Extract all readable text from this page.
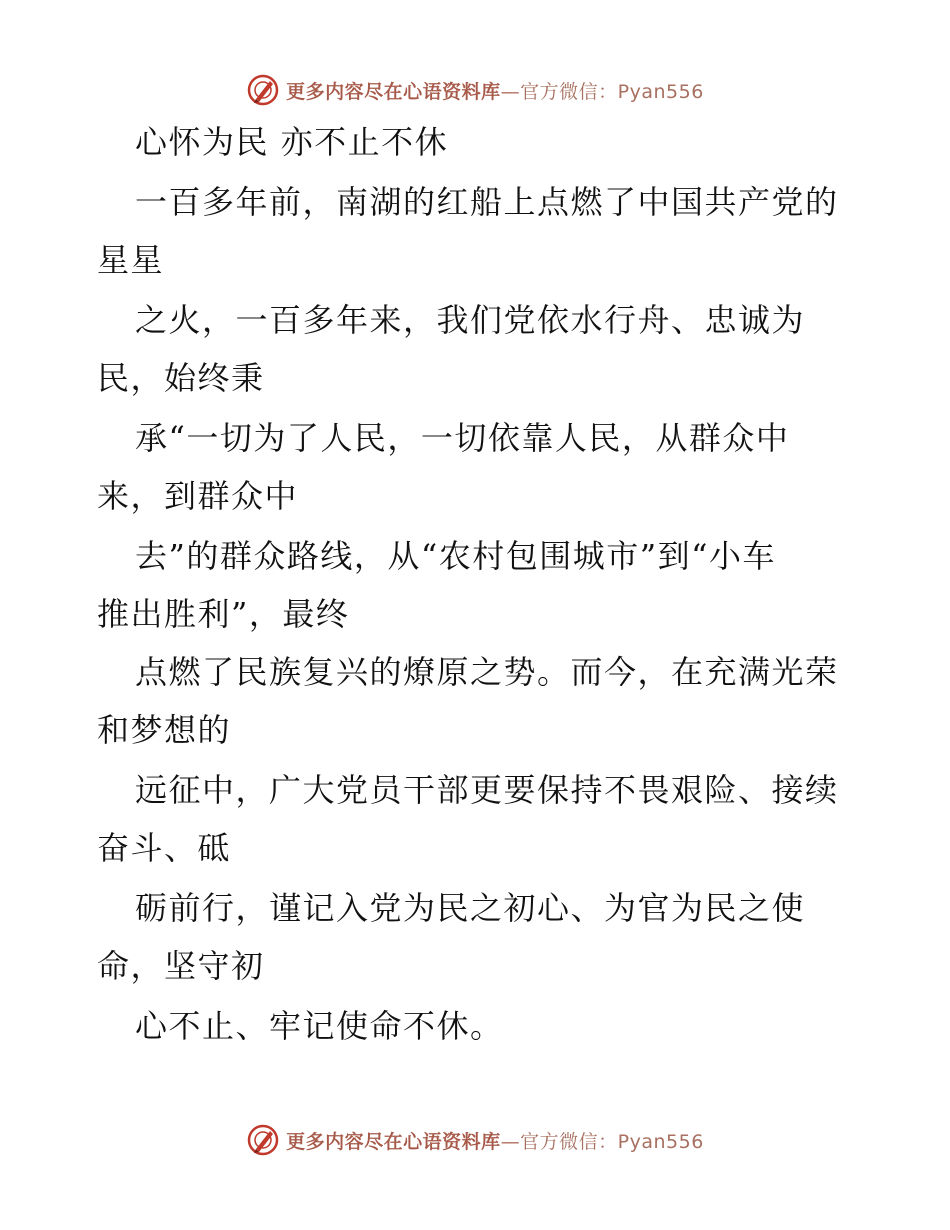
更多内容尽在心语资料库—官方微信：Pyan556
心怀为民 亦不止不休
一百多年前，南湖的红船上点燃了中国共产党的
星星
之火，一百多年来，我们党依水行舟、忠诚为
民，始终秉
承“一切为了人民，一切依靠人民，从群众中
来，到群众中
去”的群众路线，从“农村包围城市”到“小车
推出胜利”，最终
点燃了民族复兴的燎原之势。而今，在充满光荣
和梦想的
远征中，广大党员干部更要保持不畏艰险、接续
奋斗、砥
砺前行，谨记入党为民之初心、为官为民之使
命，坚守初
心不止、牢记使命不休。
更多内容尽在心语资料库—官方微信：Pyan556
